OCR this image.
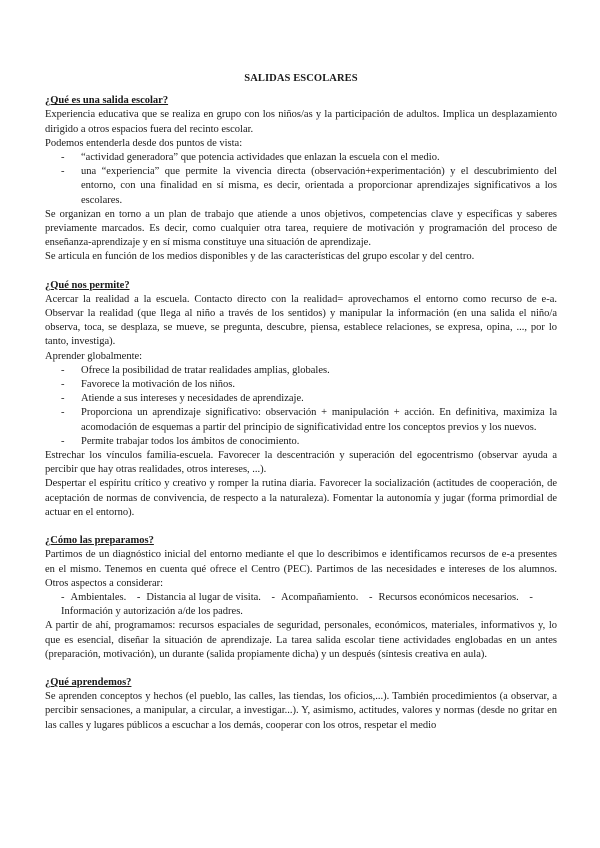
SALIDAS ESCOLARES
¿Qué es una salida escolar?
Experiencia educativa que se realiza en grupo con los niños/as y la participación de adultos. Implica un desplazamiento dirigido a otros espacios fuera del recinto escolar.
Podemos entenderla desde dos puntos de vista:
- “actividad generadora” que potencia actividades que enlazan la escuela con el medio.
- una “experiencia” que permite la vivencia directa (observación+experimentación) y el descubrimiento del entorno, con una finalidad en sí misma, es decir, orientada a proporcionar aprendizajes significativos a los escolares.
Se organizan en torno a un plan de trabajo que atiende a unos objetivos, competencias clave y específicas y saberes previamente marcados. Es decir, como cualquier otra tarea, requiere de motivación y programación del proceso de enseñanza-aprendizaje y en sí misma constituye una situación de aprendizaje.
Se articula en función de los medios disponibles y de las características del grupo escolar y del centro.
¿Qué nos permite?
Acercar la realidad a la escuela. Contacto directo con la realidad= aprovechamos el entorno como recurso de e-a. Observar la realidad (que llega al niño a través de los sentidos) y manipular la información (en una salida el niño/a observa, toca, se desplaza, se mueve, se pregunta, descubre, piensa, establece relaciones, se expresa, opina, ..., por lo tanto, investiga).
Aprender globalmente:
- Ofrece la posibilidad de tratar realidades amplias, globales.
- Favorece la motivación de los niños.
- Atiende a sus intereses y necesidades de aprendizaje.
- Proporciona un aprendizaje significativo: observación + manipulación + acción. En definitiva, maximiza la acomodación de esquemas a partir del principio de significatividad entre los conceptos previos y los nuevos.
- Permite trabajar todos los ámbitos de conocimiento.
Estrechar los vínculos familia-escuela. Favorecer la descentración y superación del egocentrismo (observar ayuda a percibir que hay otras realidades, otros intereses, ...).
Despertar el espíritu crítico y creativo y romper la rutina diaria. Favorecer la socialización (actitudes de cooperación, de aceptación de normas de convivencia, de respecto a la naturaleza). Fomentar la autonomía y jugar (forma primordial de actuar en el entorno).
¿Cómo las preparamos?
Partimos de un diagnóstico inicial del entorno mediante el que lo describimos e identificamos recursos de e-a presentes en el mismo. Tenemos en cuenta qué ofrece el Centro (PEC). Partimos de las necesidades e intereses de los alumnos. Otros aspectos a considerar:
- Ambientales. - Distancia al lugar de visita. - Acompañamiento. - Recursos económicos necesarios. -Información y autorización a/de los padres.
A partir de ahí, programamos: recursos espaciales de seguridad, personales, económicos, materiales, informativos y, lo que es esencial, diseñar la situación de aprendizaje. La tarea salida escolar tiene actividades englobadas en un antes (preparación, motivación), un durante (salida propiamente dicha) y un después (síntesis creativa en aula).
¿Qué aprendemos?
Se aprenden conceptos y hechos (el pueblo, las calles, las tiendas, los oficios,...). También procedimientos (a observar, a percibir sensaciones, a manipular, a circular, a investigar...). Y, asimismo, actitudes, valores y normas (desde no gritar en las calles y lugares públicos a escuchar a los demás, cooperar con los otros, respetar el medio
